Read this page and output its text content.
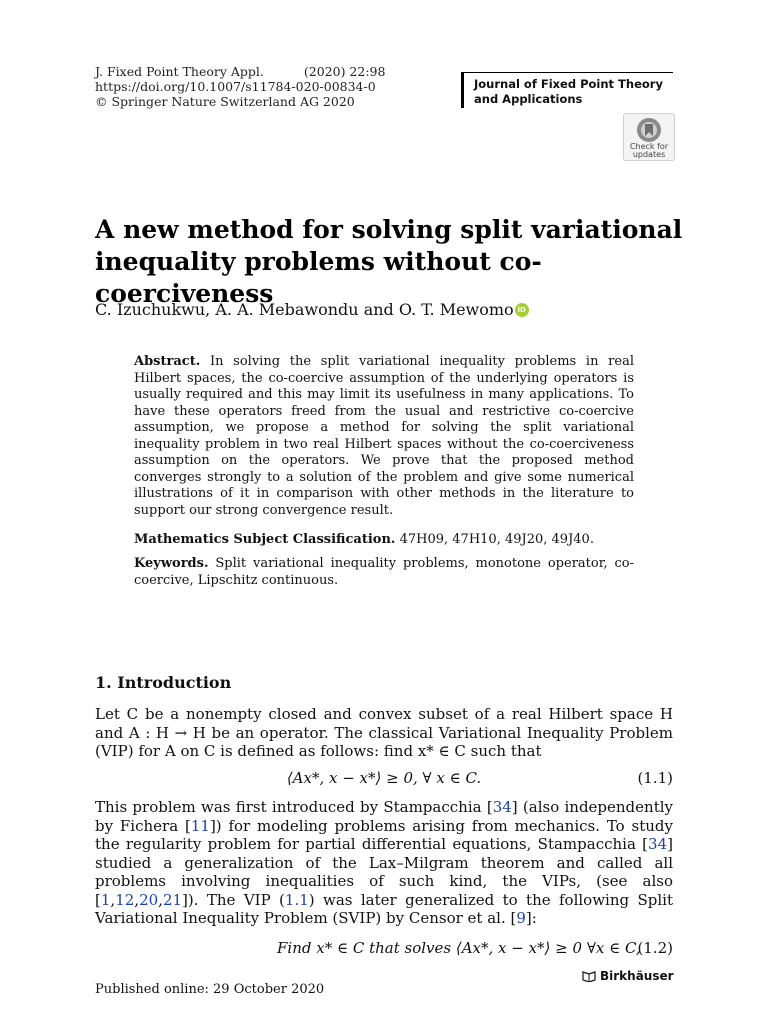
J. Fixed Point Theory Appl.	(2020) 22:98
https://doi.org/10.1007/s11784-020-00834-0
© Springer Nature Switzerland AG 2020
Journal of Fixed Point Theory
and Applications
Check for
updates
A new method for solving split variational
inequality problems without co-coerciveness
C. Izuchukwu, A. A. Mebawondu and O. T. Mewomo iD
Abstract. In solving the split variational inequality problems in real Hilbert spaces, the co-coercive assumption of the underlying operators is usually required and this may limit its usefulness in many applications. To have these operators freed from the usual and restrictive co-coercive assumption, we propose a method for solving the split variational inequality problem in two real Hilbert spaces without the co-coerciveness assumption on the operators. We prove that the proposed method converges strongly to a solution of the problem and give some numerical illustrations of it in comparison with other methods in the literature to support our strong convergence result.
Mathematics Subject Classification. 47H09, 47H10, 49J20, 49J40.
Keywords. Split variational inequality problems, monotone operator, co-coercive, Lipschitz continuous.
1. Introduction
Let C be a nonempty closed and convex subset of a real Hilbert space H and A : H → H be an operator. The classical Variational Inequality Problem (VIP) for A on C is defined as follows: find x* ∈ C such that
⟨Ax*, x − x*⟩ ≥ 0, ∀ x ∈ C.	(1.1)
This problem was first introduced by Stampacchia [34] (also independently by Fichera [11]) for modeling problems arising from mechanics. To study the regularity problem for partial differential equations, Stampacchia [34] studied a generalization of the Lax–Milgram theorem and called all problems involving inequalities of such kind, the VIPs, (see also [1,12,20,21]). The VIP (1.1) was later generalized to the following Split Variational Inequality Problem (SVIP) by Censor et al. [9]:
Find x* ∈ C that solves ⟨Ax*, x − x*⟩ ≥ 0 ∀x ∈ C,
(1.2)
Birkhäuser
Published online: 29 October 2020
